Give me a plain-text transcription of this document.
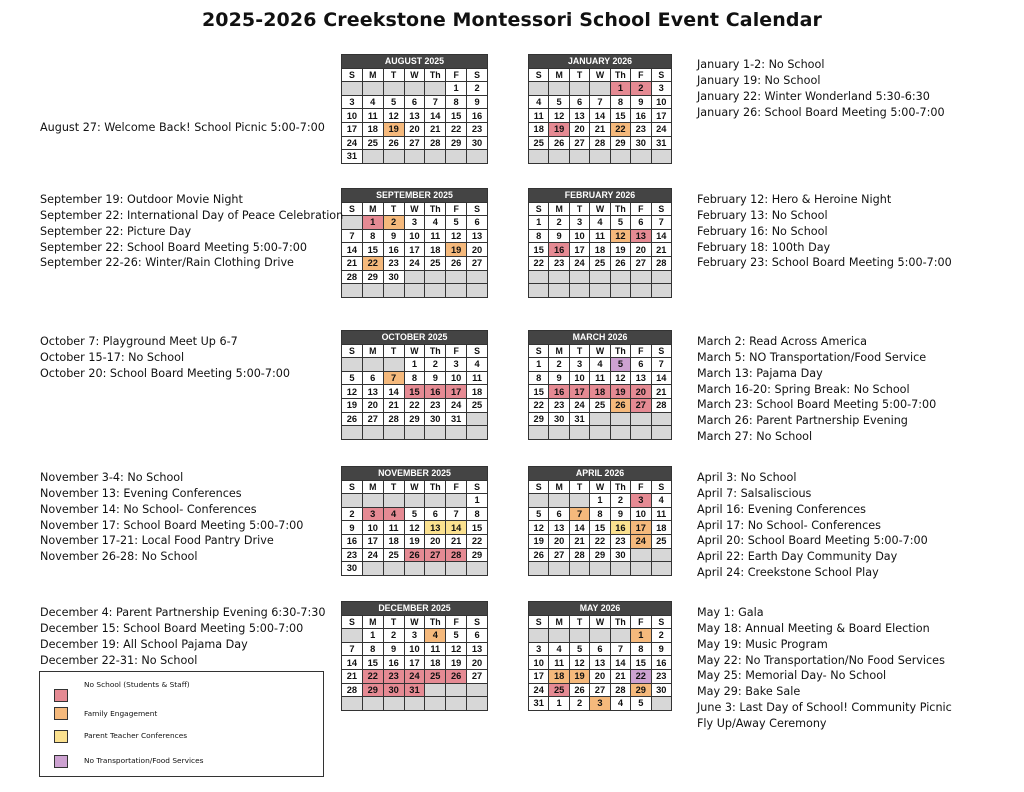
2025-2026 Creekstone Montessori School Event Calendar
AUGUST 2025						
S	M	T	W	Th	F	S
					1	2
3	4	5	6	7	8	9
10	11	12	13	14	15	16
17	18	19	20	21	22	23
24	25	26	27	28	29	30
31						
JANUARY 2026						
S	M	T	W	Th	F	S
				1	2	3
4	5	6	7	8	9	10
11	12	13	14	15	16	17
18	19	20	21	22	23	24
25	26	27	28	29	30	31

SEPTEMBER 2025						
S	M	T	W	Th	F	S
	1	2	3	4	5	6
7	8	9	10	11	12	13
14	15	16	17	18	19	20
21	22	23	24	25	26	27
28	29	30				

FEBRUARY 2026						
S	M	T	W	Th	F	S
1	2	3	4	5	6	7
8	9	10	11	12	13	14
15	16	17	18	19	20	21
22	23	24	25	26	27	28

OCTOBER 2025						
S	M	T	W	Th	F	S
			1	2	3	4
5	6	7	8	9	10	11
12	13	14	15	16	17	18
19	20	21	22	23	24	25
26	27	28	29	30	31	

MARCH 2026						
S	M	T	W	Th	F	S
1	2	3	4	5	6	7
8	9	10	11	12	13	14
15	16	17	18	19	20	21
22	23	24	25	26	27	28
29	30	31				

NOVEMBER 2025						
S	M	T	W	Th	F	S
						1
2	3	4	5	6	7	8
9	10	11	12	13	14	15
16	17	18	19	20	21	22
23	24	25	26	27	28	29
30						
APRIL 2026						
S	M	T	W	Th	F	S
			1	2	3	4
5	6	7	8	9	10	11
12	13	14	15	16	17	18
19	20	21	22	23	24	25
26	27	28	29	30		

DECEMBER 2025						
S	M	T	W	Th	F	S
	1	2	3	4	5	6
7	8	9	10	11	12	13
14	15	16	17	18	19	20
21	22	23	24	25	26	27
28	29	30	31			

MAY 2026						
S	M	T	W	Th	F	S
					1	2
3	4	5	6	7	8	9
10	11	12	13	14	15	16
17	18	19	20	21	22	23
24	25	26	27	28	29	30
31	1	2	3	4	5	
August 27: Welcome Back! School Picnic 5:00-7:00
September 19: Outdoor Movie Night
September 22: International Day of Peace Celebration
September 22: Picture Day
September 22: School Board Meeting 5:00-7:00
September 22-26: Winter/Rain Clothing Drive
October 7: Playground Meet Up 6-7
October 15-17: No School
October 20: School Board Meeting 5:00-7:00
November 3-4: No School
November 13: Evening Conferences
November 14: No School- Conferences
November 17: School Board Meeting 5:00-7:00
November 17-21: Local Food Pantry Drive
November 26-28: No School
December 4: Parent Partnership Evening 6:30-7:30
December 15: School Board Meeting 5:00-7:00
December 19: All School Pajama Day
December 22-31: No School
January 1-2: No School
January 19: No School
January 22: Winter Wonderland 5:30-6:30
January 26: School Board Meeting 5:00-7:00
February 12: Hero & Heroine Night
February 13: No School
February 16: No School
February 18: 100th Day
February 23: School Board Meeting 5:00-7:00
March 2: Read Across America
March 5: NO Transportation/Food Service
March 13: Pajama Day
March 16-20: Spring Break: No School
March 23: School Board Meeting 5:00-7:00
March 26: Parent Partnership Evening
March 27: No School
April 3: No School
April 7: Salsaliscious
April 16: Evening Conferences
April 17: No School- Conferences
April 20: School Board Meeting 5:00-7:00
April 22: Earth Day Community Day
April 24: Creekstone School Play
May 1: Gala
May 18: Annual Meeting & Board Election
May 19: Music Program
May 22: No Transportation/No Food Services
May 25: Memorial Day- No School
May 29: Bake Sale
June 3: Last Day of School! Community Picnic
Fly Up/Away Ceremony
No School (Students & Staff)
Family Engagement
Parent Teacher Conferences
No Transportation/Food Services
